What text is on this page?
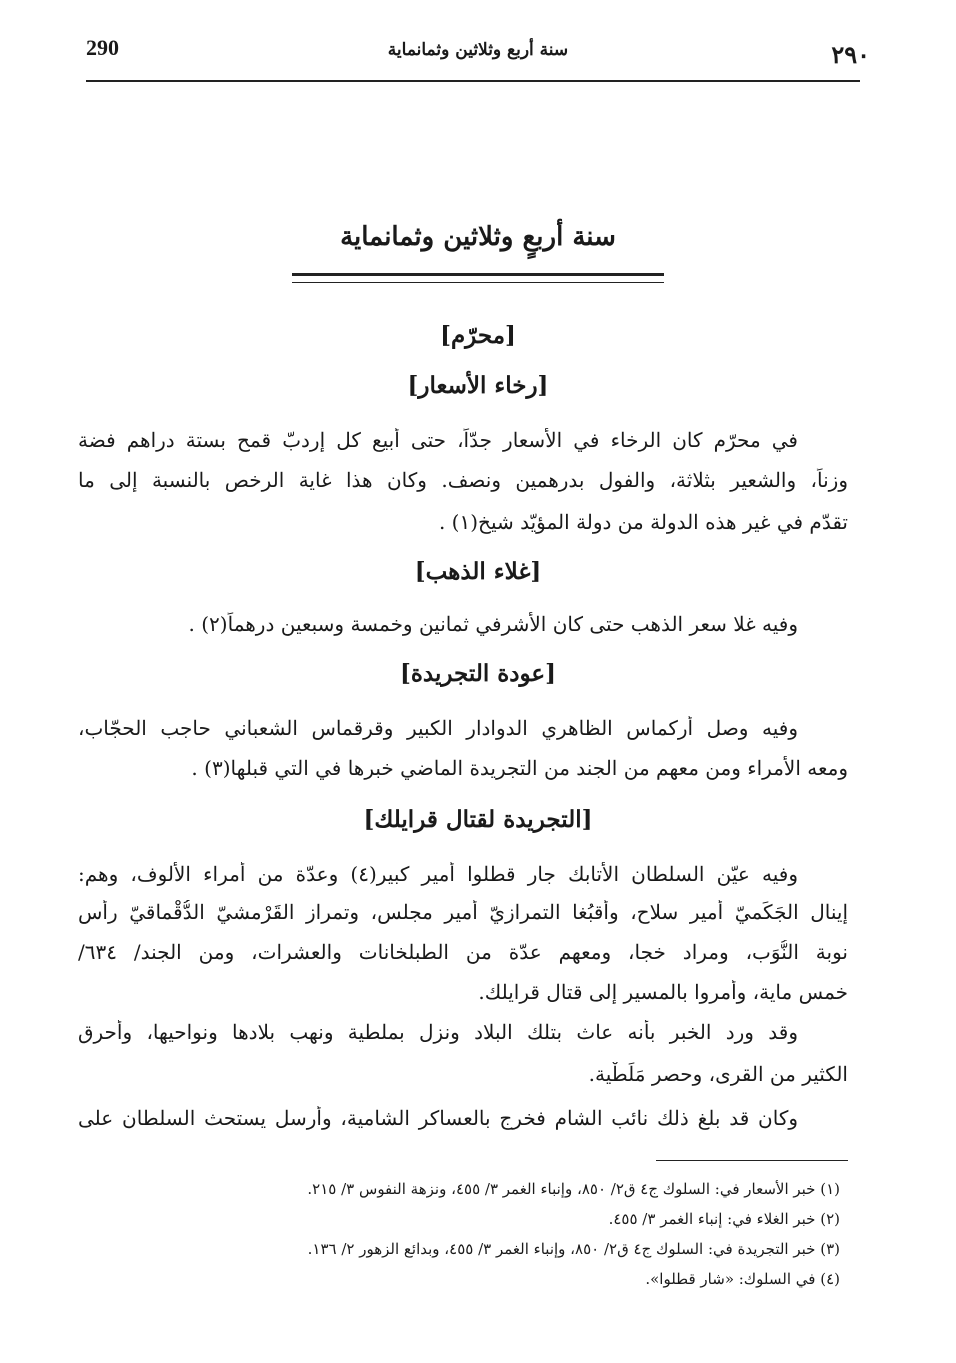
290	سنة أربع وثلاثين وثمانماية	٢٩٠
سنة أربعٍ وثلاثين وثمانماية
[محرّم]
[رخاء الأسعار]
في محرّم كان الرخاء في الأسعار جدّاً، حتى أبيع كل إردبّ قمح بستة دراهم فضة
وزناً، والشعير بثلاثة، والفول بدرهمين ونصف. وكان هذا غاية الرخص بالنسبة إلى ما
تقدّم في غير هذه الدولة من دولة المؤيّد شيخ(١) .
[غلاء الذهب]
وفيه غلا سعر الذهب حتى كان الأشرفي ثمانين وخمسة وسبعين درهماً(٢) .
[عودة التجريدة]
وفيه وصل أركماس الظاهري الدوادار الكبير وقرقماس الشعباني حاجب الحجّاب،
ومعه الأمراء ومن معهم من الجند من التجريدة الماضي خبرها في التي قبلها(٣) .
[التجريدة لقتال قرايلك]
وفيه عيّن السلطان الأتابك جار قطلوا أمير كبير(٤) وعدّة من أمراء الألوف، وهم:
إينال الجَكَميّ أمير سلاح، وأقبُغا التمرازيّ أمير مجلس، وتمراز القَرْمشيّ الدُّقْماقيّ رأس
نوبة النُّوَب، ومراد خجا، ومعهم عدّة من الطبلخانات والعشرات، ومن الجند/ ٦٣٤/
خمس ماية، وأُمروا بالمسير إلى قتال قرايلك.
وقد ورد الخبر بأنه عاث بتلك البلاد ونزل بملطية ونهب بلادها ونواحيها، وأحرق
الكثير من القرى، وحصر مَلَطْية.
وكان قد بلغ ذلك نائب الشام فخرج بالعساكر الشامية، وأرسل يستحث السلطان على
(١) خبر الأسعار في: السلوك ج٤ ق٢/ ٨٥٠، وإنباء الغمر ٣/ ٤٥٥، ونزهة النفوس ٣/ ٢١٥.
(٢) خبر الغلاء في: إنباء الغمر ٣/ ٤٥٥.
(٣) خبر التجريدة في: السلوك ج٤ ق٢/ ٨٥٠، وإنباء الغمر ٣/ ٤٥٥، وبدائع الزهور ٢/ ١٣٦.
(٤) في السلوك: «شار قطلوا».
